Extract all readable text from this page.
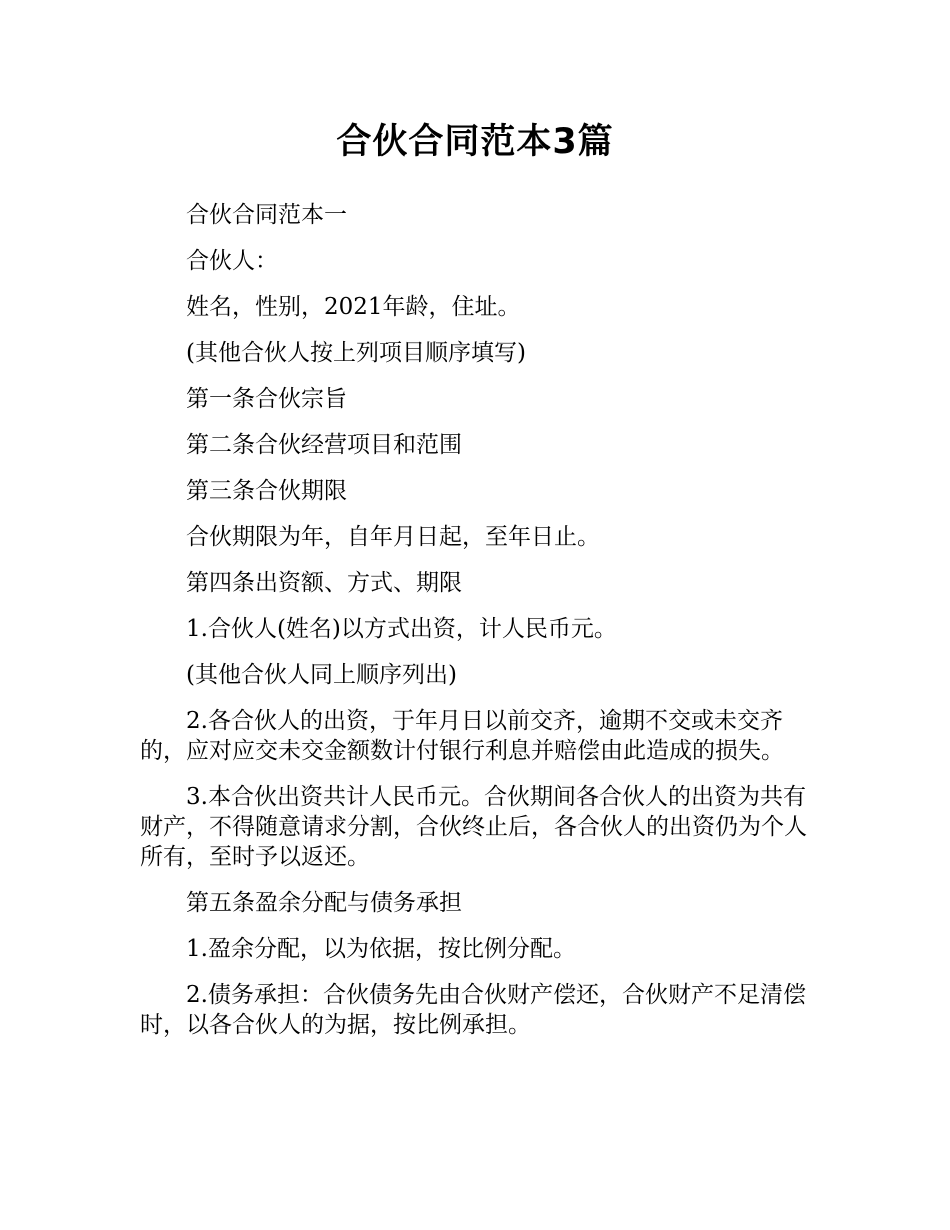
合伙合同范本3篇

合伙合同范本一

合伙人：

姓名，性别，2021年龄，住址。

(其他合伙人按上列项目顺序填写)

第一条合伙宗旨

第二条合伙经营项目和范围

第三条合伙期限

合伙期限为年，自年月日起，至年日止。

第四条出资额、方式、期限

1.合伙人(姓名)以方式出资，计人民币元。

(其他合伙人同上顺序列出)

2.各合伙人的出资，于年月日以前交齐，逾期不交或未交齐的，应对应交未交金额数计付银行利息并赔偿由此造成的损失。

3.本合伙出资共计人民币元。合伙期间各合伙人的出资为共有财产，不得随意请求分割，合伙终止后，各合伙人的出资仍为个人所有，至时予以返还。

第五条盈余分配与债务承担

1.盈余分配，以为依据，按比例分配。

2.债务承担：合伙债务先由合伙财产偿还，合伙财产不足清偿时，以各合伙人的为据，按比例承担。
